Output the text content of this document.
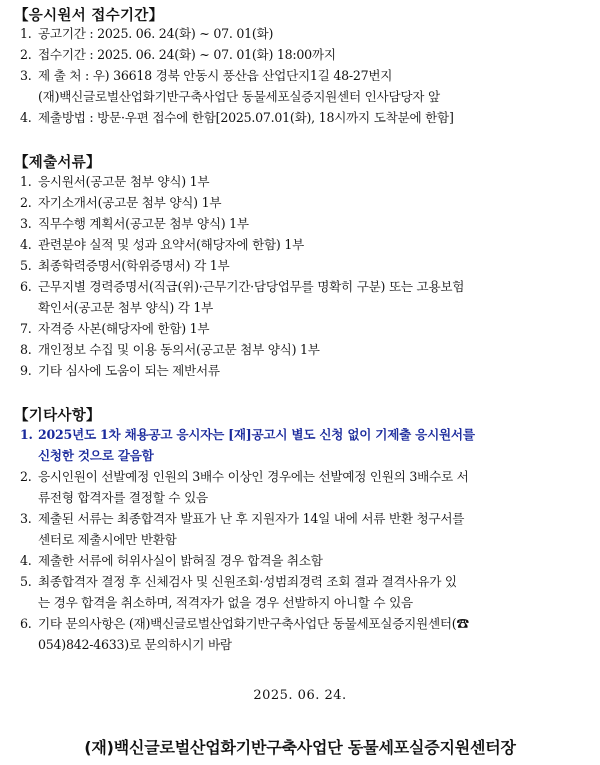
【응시원서 접수기간】
1. 공고기간 : 2025. 06. 24(화) ~ 07. 01(화)
2. 접수기간 : 2025. 06. 24(화) ~ 07. 01(화) 18:00까지
3. 제 출 처 : 우) 36618 경북 안동시 풍산읍 산업단지1길 48-27번지
(재)백신글로벌산업화기반구축사업단 동물세포실증지원센터 인사담당자 앞
4. 제출방법 : 방문·우편 접수에 한함[2025.07.01(화), 18시까지 도착분에 한함]
【제출서류】
1. 응시원서(공고문 첨부 양식) 1부
2. 자기소개서(공고문 첨부 양식) 1부
3. 직무수행 계획서(공고문 첨부 양식) 1부
4. 관련분야 실적 및 성과 요약서(해당자에 한함) 1부
5. 최종학력증명서(학위증명서) 각 1부
6. 근무지별 경력증명서(직급(위)·근무기간·담당업무를 명확히 구분) 또는 고용보험
확인서(공고문 첨부 양식) 각 1부
7. 자격증 사본(해당자에 한함) 1부
8. 개인정보 수집 및 이용 동의서(공고문 첨부 양식) 1부
9. 기타 심사에 도움이 되는 제반서류
【기타사항】
1. 2025년도 1차 채용공고 응시자는 [재]공고시 별도 신청 없이 기제출 응시원서를
신청한 것으로 갈음함
2. 응시인원이 선발예정 인원의 3배수 이상인 경우에는 선발예정 인원의 3배수로 서
류전형 합격자를 결정할 수 있음
3. 제출된 서류는 최종합격자 발표가 난 후 지원자가 14일 내에 서류 반환 청구서를
센터로 제출시에만 반환함
4. 제출한 서류에 허위사실이 밝혀질 경우 합격을 취소함
5. 최종합격자 결정 후 신체검사 및 신원조회·성범죄경력 조회 결과 결격사유가 있
는 경우 합격을 취소하며, 적격자가 없을 경우 선발하지 아니할 수 있음
6. 기타 문의사항은 (재)백신글로벌산업화기반구축사업단 동물세포실증지원센터(☎
054)842-4633)로 문의하시기 바람
2025. 06. 24.
(재)백신글로벌산업화기반구축사업단 동물세포실증지원센터장
